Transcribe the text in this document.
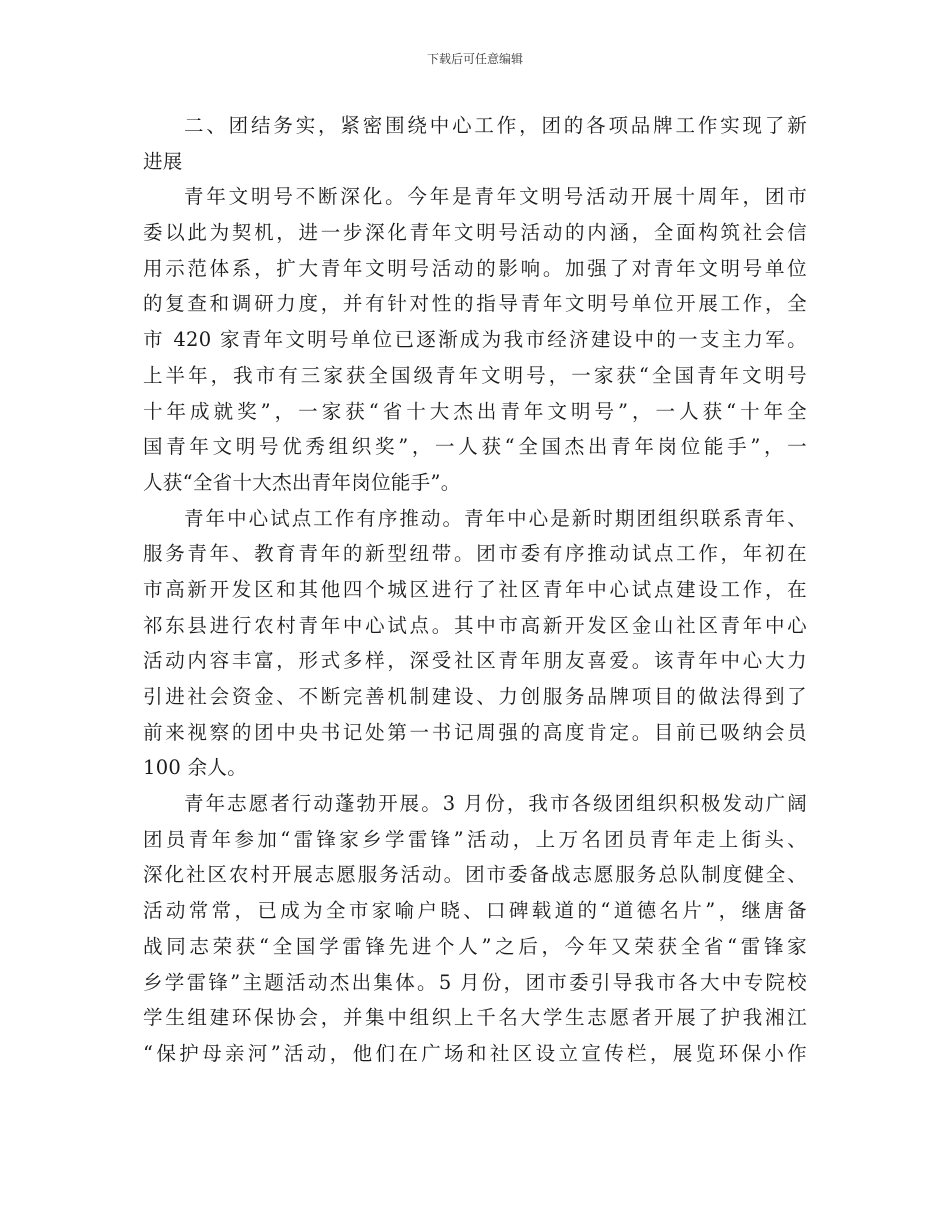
下载后可任意编辑
二、团结务实，紧密围绕中心工作，团的各项品牌工作实现了新
进展
青年文明号不断深化。今年是青年文明号活动开展十周年，团市
委以此为契机，进一步深化青年文明号活动的内涵，全面构筑社会信
用示范体系，扩大青年文明号活动的影响。加强了对青年文明号单位
的复查和调研力度，并有针对性的指导青年文明号单位开展工作，全
市 420 家青年文明号单位已逐渐成为我市经济建设中的一支主力军。
上半年，我市有三家获全国级青年文明号，一家获“全国青年文明号
十年成就奖”，一家获“省十大杰出青年文明号”，一人获“十年全
国青年文明号优秀组织奖”，一人获“全国杰出青年岗位能手”，一
人获“全省十大杰出青年岗位能手”。
青年中心试点工作有序推动。青年中心是新时期团组织联系青年、
服务青年、教育青年的新型纽带。团市委有序推动试点工作，年初在
市高新开发区和其他四个城区进行了社区青年中心试点建设工作，在
祁东县进行农村青年中心试点。其中市高新开发区金山社区青年中心
活动内容丰富，形式多样，深受社区青年朋友喜爱。该青年中心大力
引进社会资金、不断完善机制建设、力创服务品牌项目的做法得到了
前来视察的团中央书记处第一书记周强的高度肯定。目前已吸纳会员
100 余人。
青年志愿者行动蓬勃开展。3 月份，我市各级团组织积极发动广阔
团员青年参加“雷锋家乡学雷锋”活动，上万名团员青年走上街头、
深化社区农村开展志愿服务活动。团市委备战志愿服务总队制度健全、
活动常常，已成为全市家喻户晓、口碑载道的“道德名片”，继唐备
战同志荣获“全国学雷锋先进个人”之后，今年又荣获全省“雷锋家
乡学雷锋”主题活动杰出集体。5 月份，团市委引导我市各大中专院校
学生组建环保协会，并集中组织上千名大学生志愿者开展了护我湘江
“保护母亲河”活动，他们在广场和社区设立宣传栏，展览环保小作
